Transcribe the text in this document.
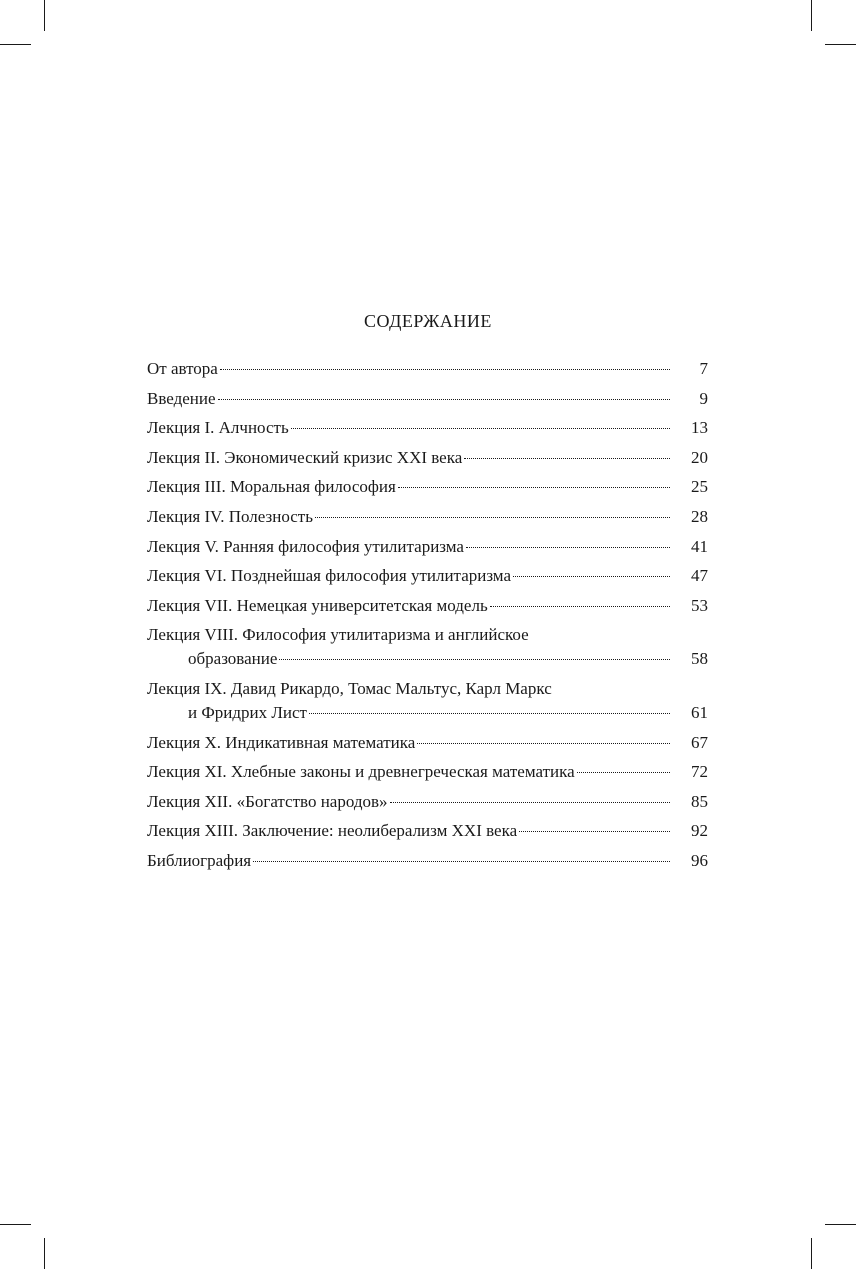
СОДЕРЖАНИЕ
От автора	7
Введение	9
Лекция I. Алчность	13
Лекция II. Экономический кризис XXI века	20
Лекция III. Моральная философия	25
Лекция IV. Полезность	28
Лекция V. Ранняя философия утилитаризма	41
Лекция VI. Позднейшая философия утилитаризма	47
Лекция VII. Немецкая университетская модель	53
Лекция VIII. Философия утилитаризма и английское
образование	58
Лекция IX. Давид Рикардо, Томас Мальтус, Карл Маркс
и Фридрих Лист	61
Лекция X. Индикативная математика	67
Лекция XI. Хлебные законы и древнегреческая математика	72
Лекция XII. «Богатство народов»	85
Лекция XIII. Заключение: неолиберализм XXI века	92
Библиография	96
